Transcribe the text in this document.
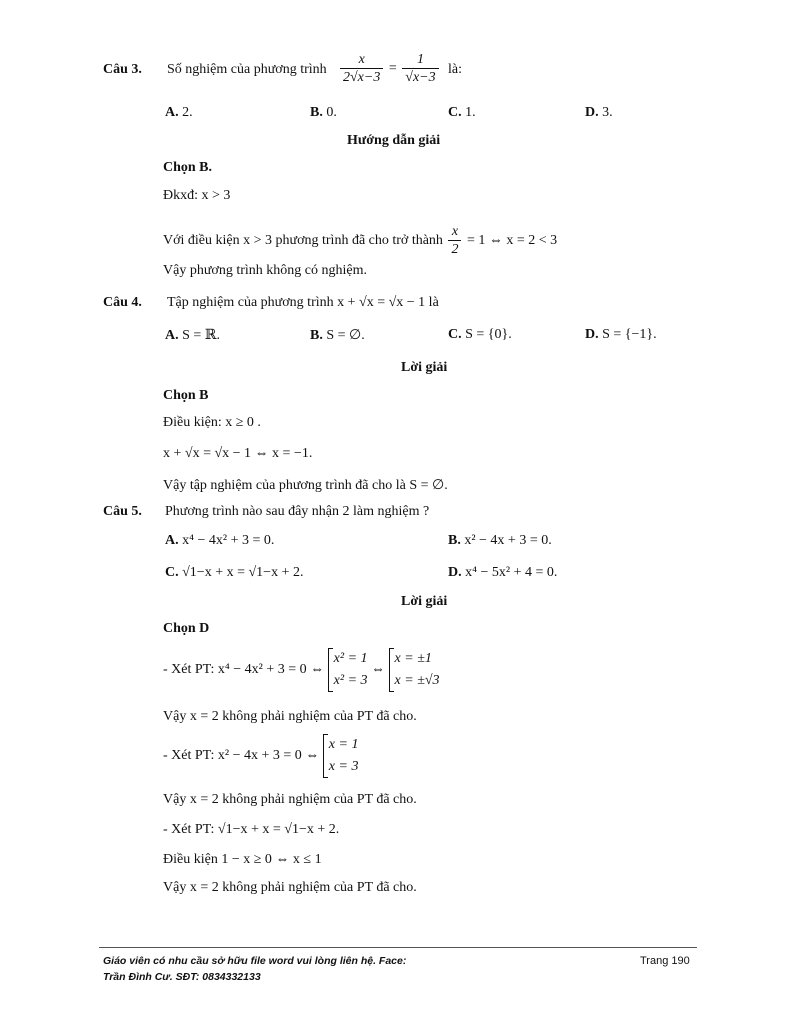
Câu 3. Số nghiệm của phương trình $\frac{x}{2√x-3} = \frac{1}{√x-3}$ là:
A. 2.	B. 0.	C. 1.	D. 3.
Hướng dẫn giải
Chọn B.
Đkxđ: x > 3
Với điều kiện x > 3 phương trình đã cho trở thành $\frac{x}{2} = 1$ ⇔ x = 2 < 3
Vậy phương trình không có nghiệm.
Câu 4. Tập nghiệm của phương trình x + √x = √x − 1 là
A. S = ℝ.	B. S = ∅.	C. S = {0}.	D. S = {−1}.
Lời giải
Chọn B
Điều kiện: x ≥ 0 .
x + √x = √x − 1 ⇔ x = −1.
Vậy tập nghiệm của phương trình đã cho là S = ∅.
Câu 5. Phương trình nào sau đây nhận 2 làm nghiệm ?
A. x⁴ − 4x² + 3 = 0.	B. x² − 4x + 3 = 0.
C. √1−x + x = √1−x + 2.	D. x⁴ − 5x² + 4 = 0.
Lời giải
Chọn D
- Xét PT: x⁴ − 4x² + 3 = 0 ⇔
x² = 1
x² = 3
⇔
x = ±1
x = ±√3
Vậy x = 2 không phải nghiệm của PT đã cho.
- Xét PT: x² − 4x + 3 = 0 ⇔
x = 1
x = 3
Vậy x = 2 không phải nghiệm của PT đã cho.
- Xét PT: √1−x + x = √1−x + 2.
Điều kiện 1 − x ≥ 0 ⇔ x ≤ 1
Vậy x = 2 không phải nghiệm của PT đã cho.
Giáo viên có nhu cầu sở hữu file word vui lòng liên hệ. Face:
Trần Đình Cư. SĐT: 0834332133
Trang 190
